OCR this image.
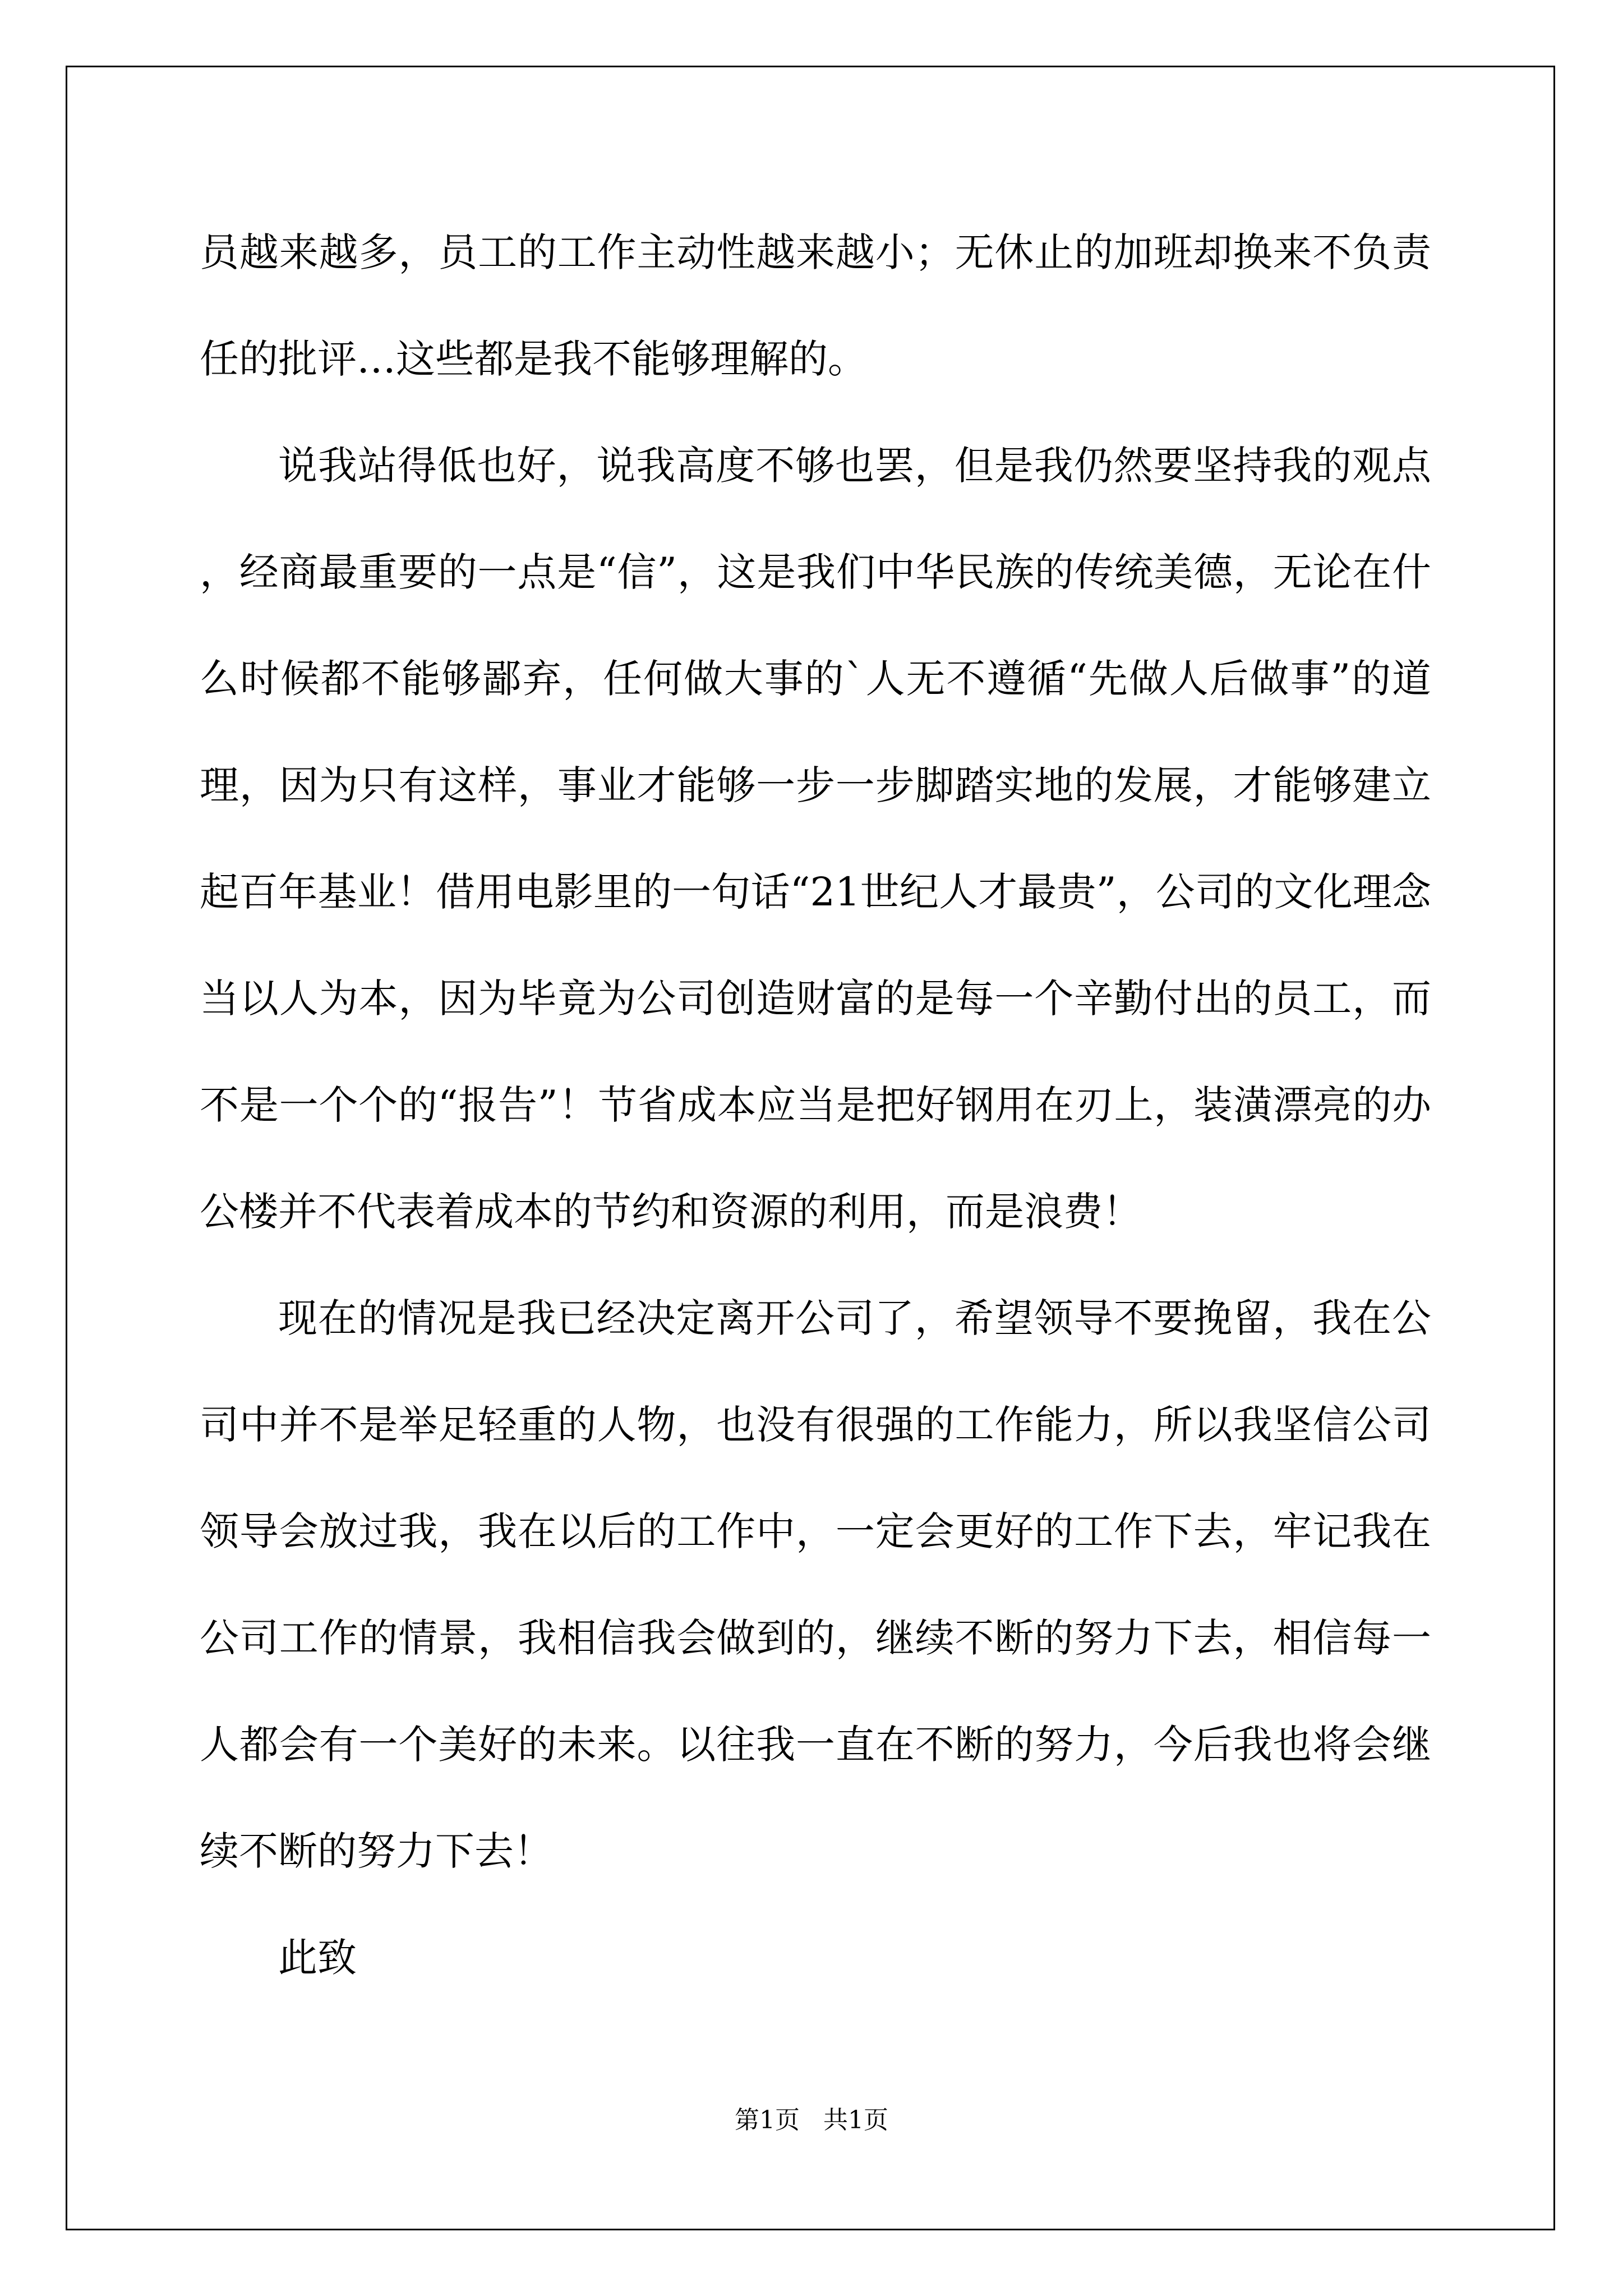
员越来越多，员工的工作主动性越来越小；无休止的加班却换来不负责任的批评…这些都是我不能够理解的。

说我站得低也好，说我高度不够也罢，但是我仍然要坚持我的观点，经商最重要的一点是“信”，这是我们中华民族的传统美德，无论在什么时候都不能够鄙弃，任何做大事的`人无不遵循“先做人后做事”的道理，因为只有这样，事业才能够一步一步脚踏实地的发展，才能够建立起百年基业！借用电影里的一句话“21世纪人才最贵”，公司的文化理念当以人为本，因为毕竟为公司创造财富的是每一个辛勤付出的员工，而不是一个个的“报告”！节省成本应当是把好钢用在刃上，装潢漂亮的办公楼并不代表着成本的节约和资源的利用，而是浪费！

现在的情况是我已经决定离开公司了，希望领导不要挽留，我在公司中并不是举足轻重的人物，也没有很强的工作能力，所以我坚信公司领导会放过我，我在以后的工作中，一定会更好的工作下去，牢记我在公司工作的情景，我相信我会做到的，继续不断的努力下去，相信每一人都会有一个美好的未来。以往我一直在不断的努力，今后我也将会继续不断的努力下去！

此致

第1页   共1页
